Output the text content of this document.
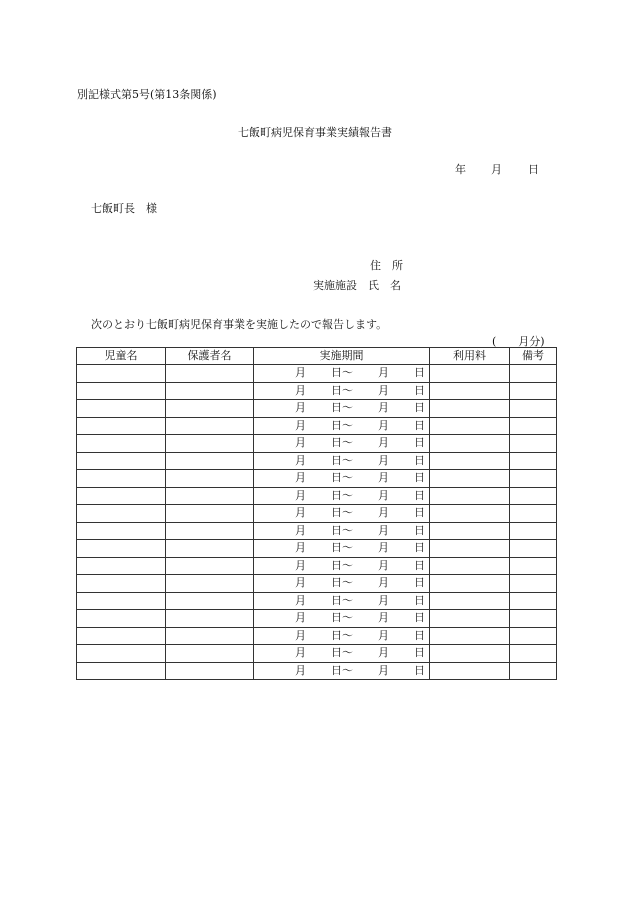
別記様式第5号(第13条関係)
七飯町病児保育事業実績報告書
年 月 日
七飯町長　様
住　所
実施施設　氏　名
次のとおり七飯町病児保育事業を実施したので報告します。
(　　月分)
児童名	保護者名	実施期間	利用料	備考

		月 日〜 月 日		

		月 日〜 月 日		

		月 日〜 月 日		

		月 日〜 月 日		

		月 日〜 月 日		

		月 日〜 月 日		

		月 日〜 月 日		

		月 日〜 月 日		

		月 日〜 月 日		

		月 日〜 月 日		

		月 日〜 月 日		

		月 日〜 月 日		

		月 日〜 月 日		

		月 日〜 月 日		

		月 日〜 月 日		

		月 日〜 月 日		

		月 日〜 月 日		

		月 日〜 月 日		
